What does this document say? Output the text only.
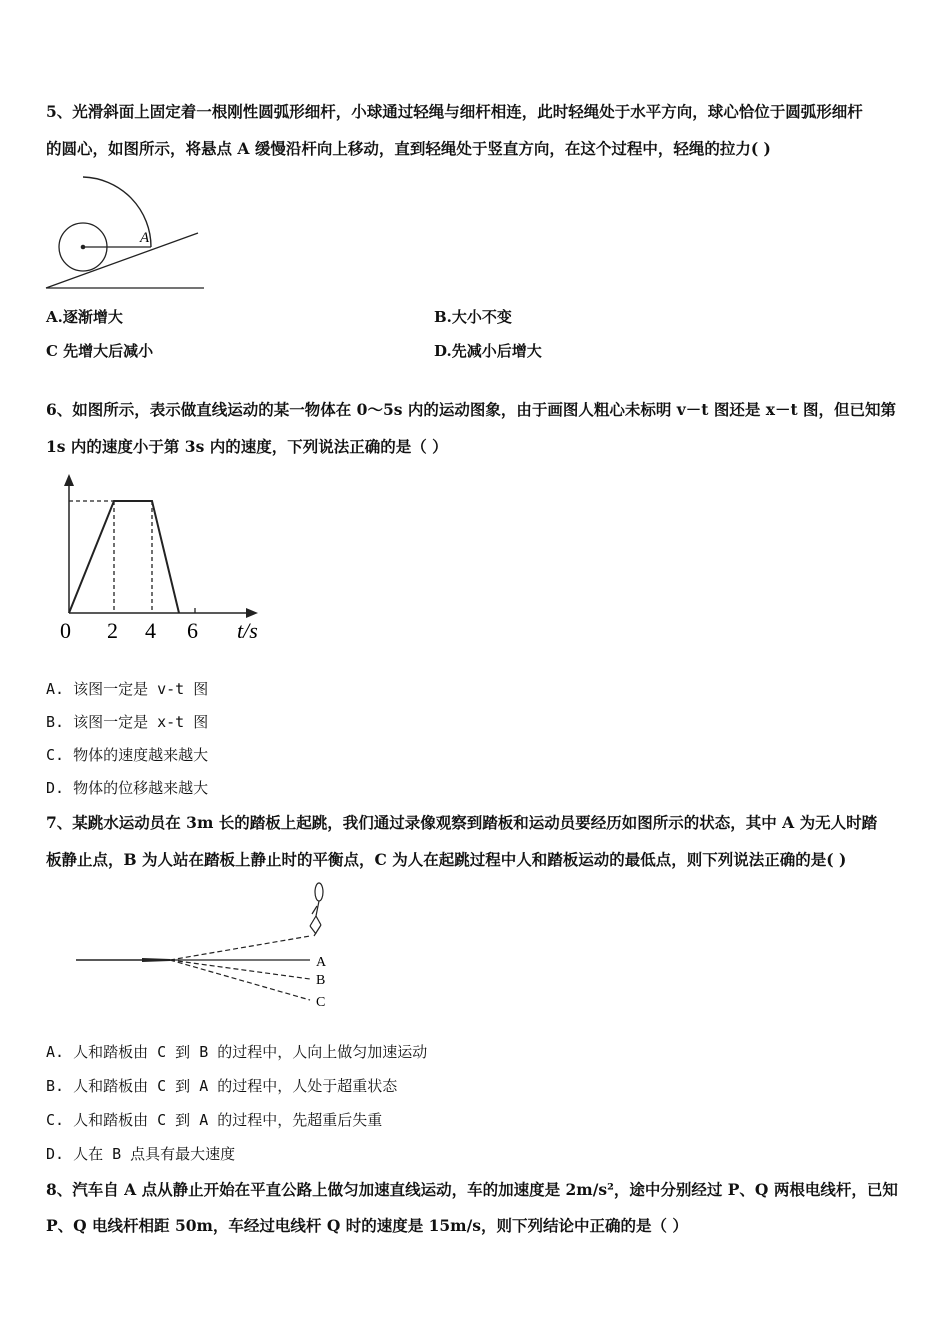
5、光滑斜面上固定着一根刚性圆弧形细杆，小球通过轻绳与细杆相连，此时轻绳处于水平方向，球心恰位于圆弧形细杆
的圆心，如图所示，将悬点 A 缓慢沿杆向上移动，直到轻绳处于竖直方向，在这个过程中，轻绳的拉力( )
A
A.逐渐增大	B.大小不变
C 先增大后减小	D.先减小后增大
6、如图所示，表示做直线运动的某一物体在 0～5s 内的运动图象，由于画图人粗心未标明 v－t 图还是 x－t 图，但已知第
1s 内的速度小于第 3s 内的速度，下列说法正确的是（ ）
0 2 4 6 t/s
A. 该图一定是 v-t 图
B. 该图一定是 x-t 图
C. 物体的速度越来越大
D. 物体的位移越来越大
7、某跳水运动员在 3m 长的踏板上起跳，我们通过录像观察到踏板和运动员要经历如图所示的状态，其中 A 为无人时踏
板静止点，B 为人站在踏板上静止时的平衡点，C 为人在起跳过程中人和踏板运动的最低点，则下列说法正确的是( )
A
B
C
A. 人和踏板由 C 到 B 的过程中，人向上做匀加速运动
B. 人和踏板由 C 到 A 的过程中，人处于超重状态
C. 人和踏板由 C 到 A 的过程中，先超重后失重
D. 人在 B 点具有最大速度
8、汽车自 A 点从静止开始在平直公路上做匀加速直线运动，车的加速度是 2m/s²，途中分别经过 P、Q 两根电线杆，已知
P、Q 电线杆相距 50m，车经过电线杆 Q 时的速度是 15m/s，则下列结论中正确的是（ ）
